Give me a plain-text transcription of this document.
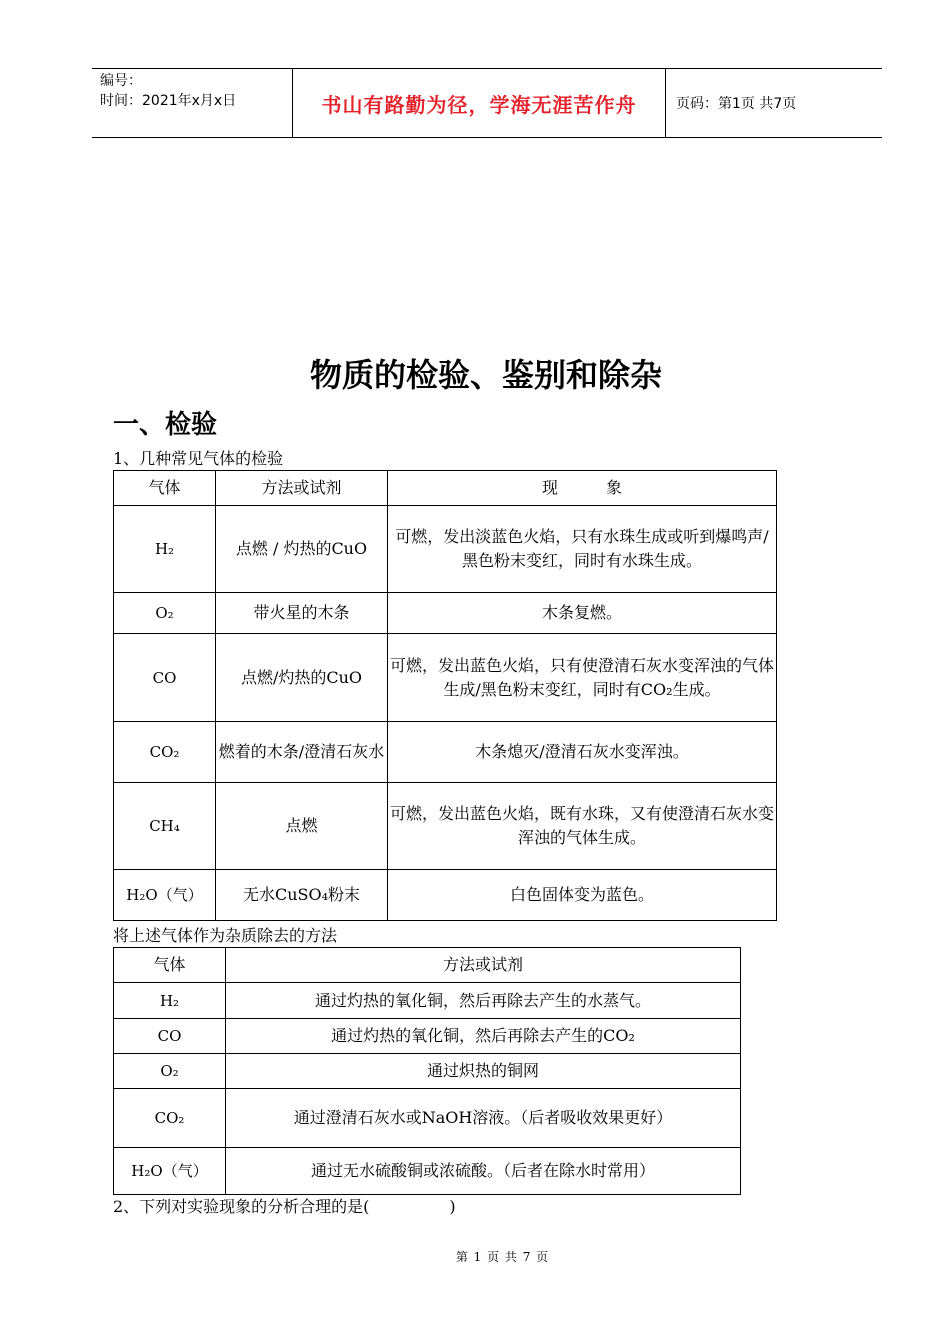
编号：
时间：2021年x月x日	书山有路勤为径，学海无涯苦作舟	页码：第1页 共7页
物质的检验、鉴别和除杂
一、检验
1、几种常见气体的检验
气体	方法或试剂	现　　　象
H₂	点燃 / 灼热的CuO	可燃，发出淡蓝色火焰，只有水珠生成或听到爆鸣声/黑色粉末变红，同时有水珠生成。
O₂	带火星的木条	木条复燃。
CO	点燃/灼热的CuO	可燃，发出蓝色火焰，只有使澄清石灰水变浑浊的气体生成/黑色粉末变红，同时有CO₂生成。
CO₂	燃着的木条/澄清石灰水	木条熄灭/澄清石灰水变浑浊。
CH₄	点燃	可燃，发出蓝色火焰，既有水珠，又有使澄清石灰水变浑浊的气体生成。
H₂O（气）	无水CuSO₄粉末	白色固体变为蓝色。
将上述气体作为杂质除去的方法
气体	方法或试剂
H₂	通过灼热的氧化铜，然后再除去产生的水蒸气。
CO	通过灼热的氧化铜，然后再除去产生的CO₂
O₂	通过炽热的铜网
CO₂	通过澄清石灰水或NaOH溶液。（后者吸收效果更好）
H₂O（气）	通过无水硫酸铜或浓硫酸。（后者在除水时常用）
2、下列对实验现象的分析合理的是(　　　　　)
第 1 页 共 7 页
